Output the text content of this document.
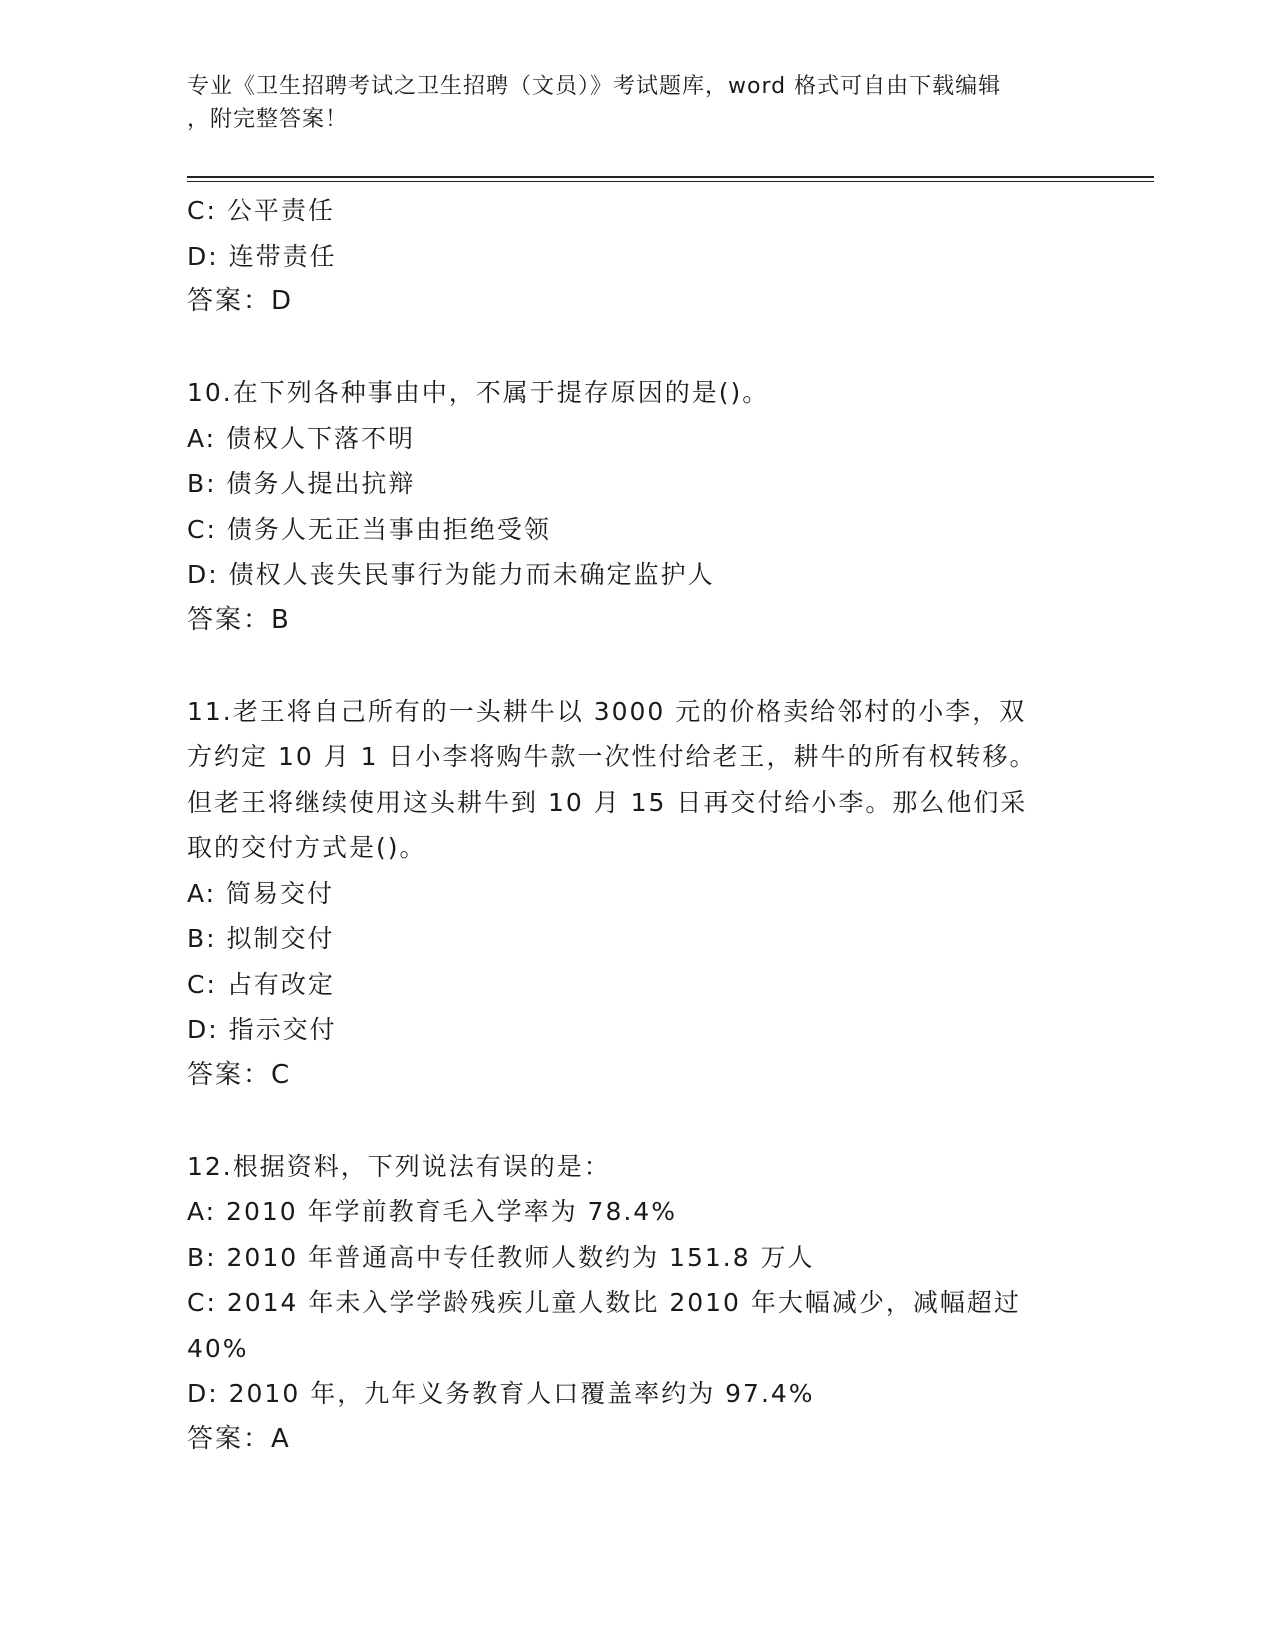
专业《卫生招聘考试之卫生招聘（文员）》考试题库，word 格式可自由下载编辑
，附完整答案！
C: 公平责任
D: 连带责任
答案：D
10.在下列各种事由中，不属于提存原因的是()。
A: 债权人下落不明
B: 债务人提出抗辩
C: 债务人无正当事由拒绝受领
D: 债权人丧失民事行为能力而未确定监护人
答案：B
11.老王将自己所有的一头耕牛以 3000 元的价格卖给邻村的小李，双
方约定 10 月 1 日小李将购牛款一次性付给老王，耕牛的所有权转移。
但老王将继续使用这头耕牛到 10 月 15 日再交付给小李。那么他们采
取的交付方式是()。
A: 简易交付
B: 拟制交付
C: 占有改定
D: 指示交付
答案：C
12.根据资料，下列说法有误的是：
A: 2010 年学前教育毛入学率为 78.4%
B: 2010 年普通高中专任教师人数约为 151.8 万人
C: 2014 年未入学学龄残疾儿童人数比 2010 年大幅减少，减幅超过
40%
D: 2010 年，九年义务教育人口覆盖率约为 97.4%
答案：A
